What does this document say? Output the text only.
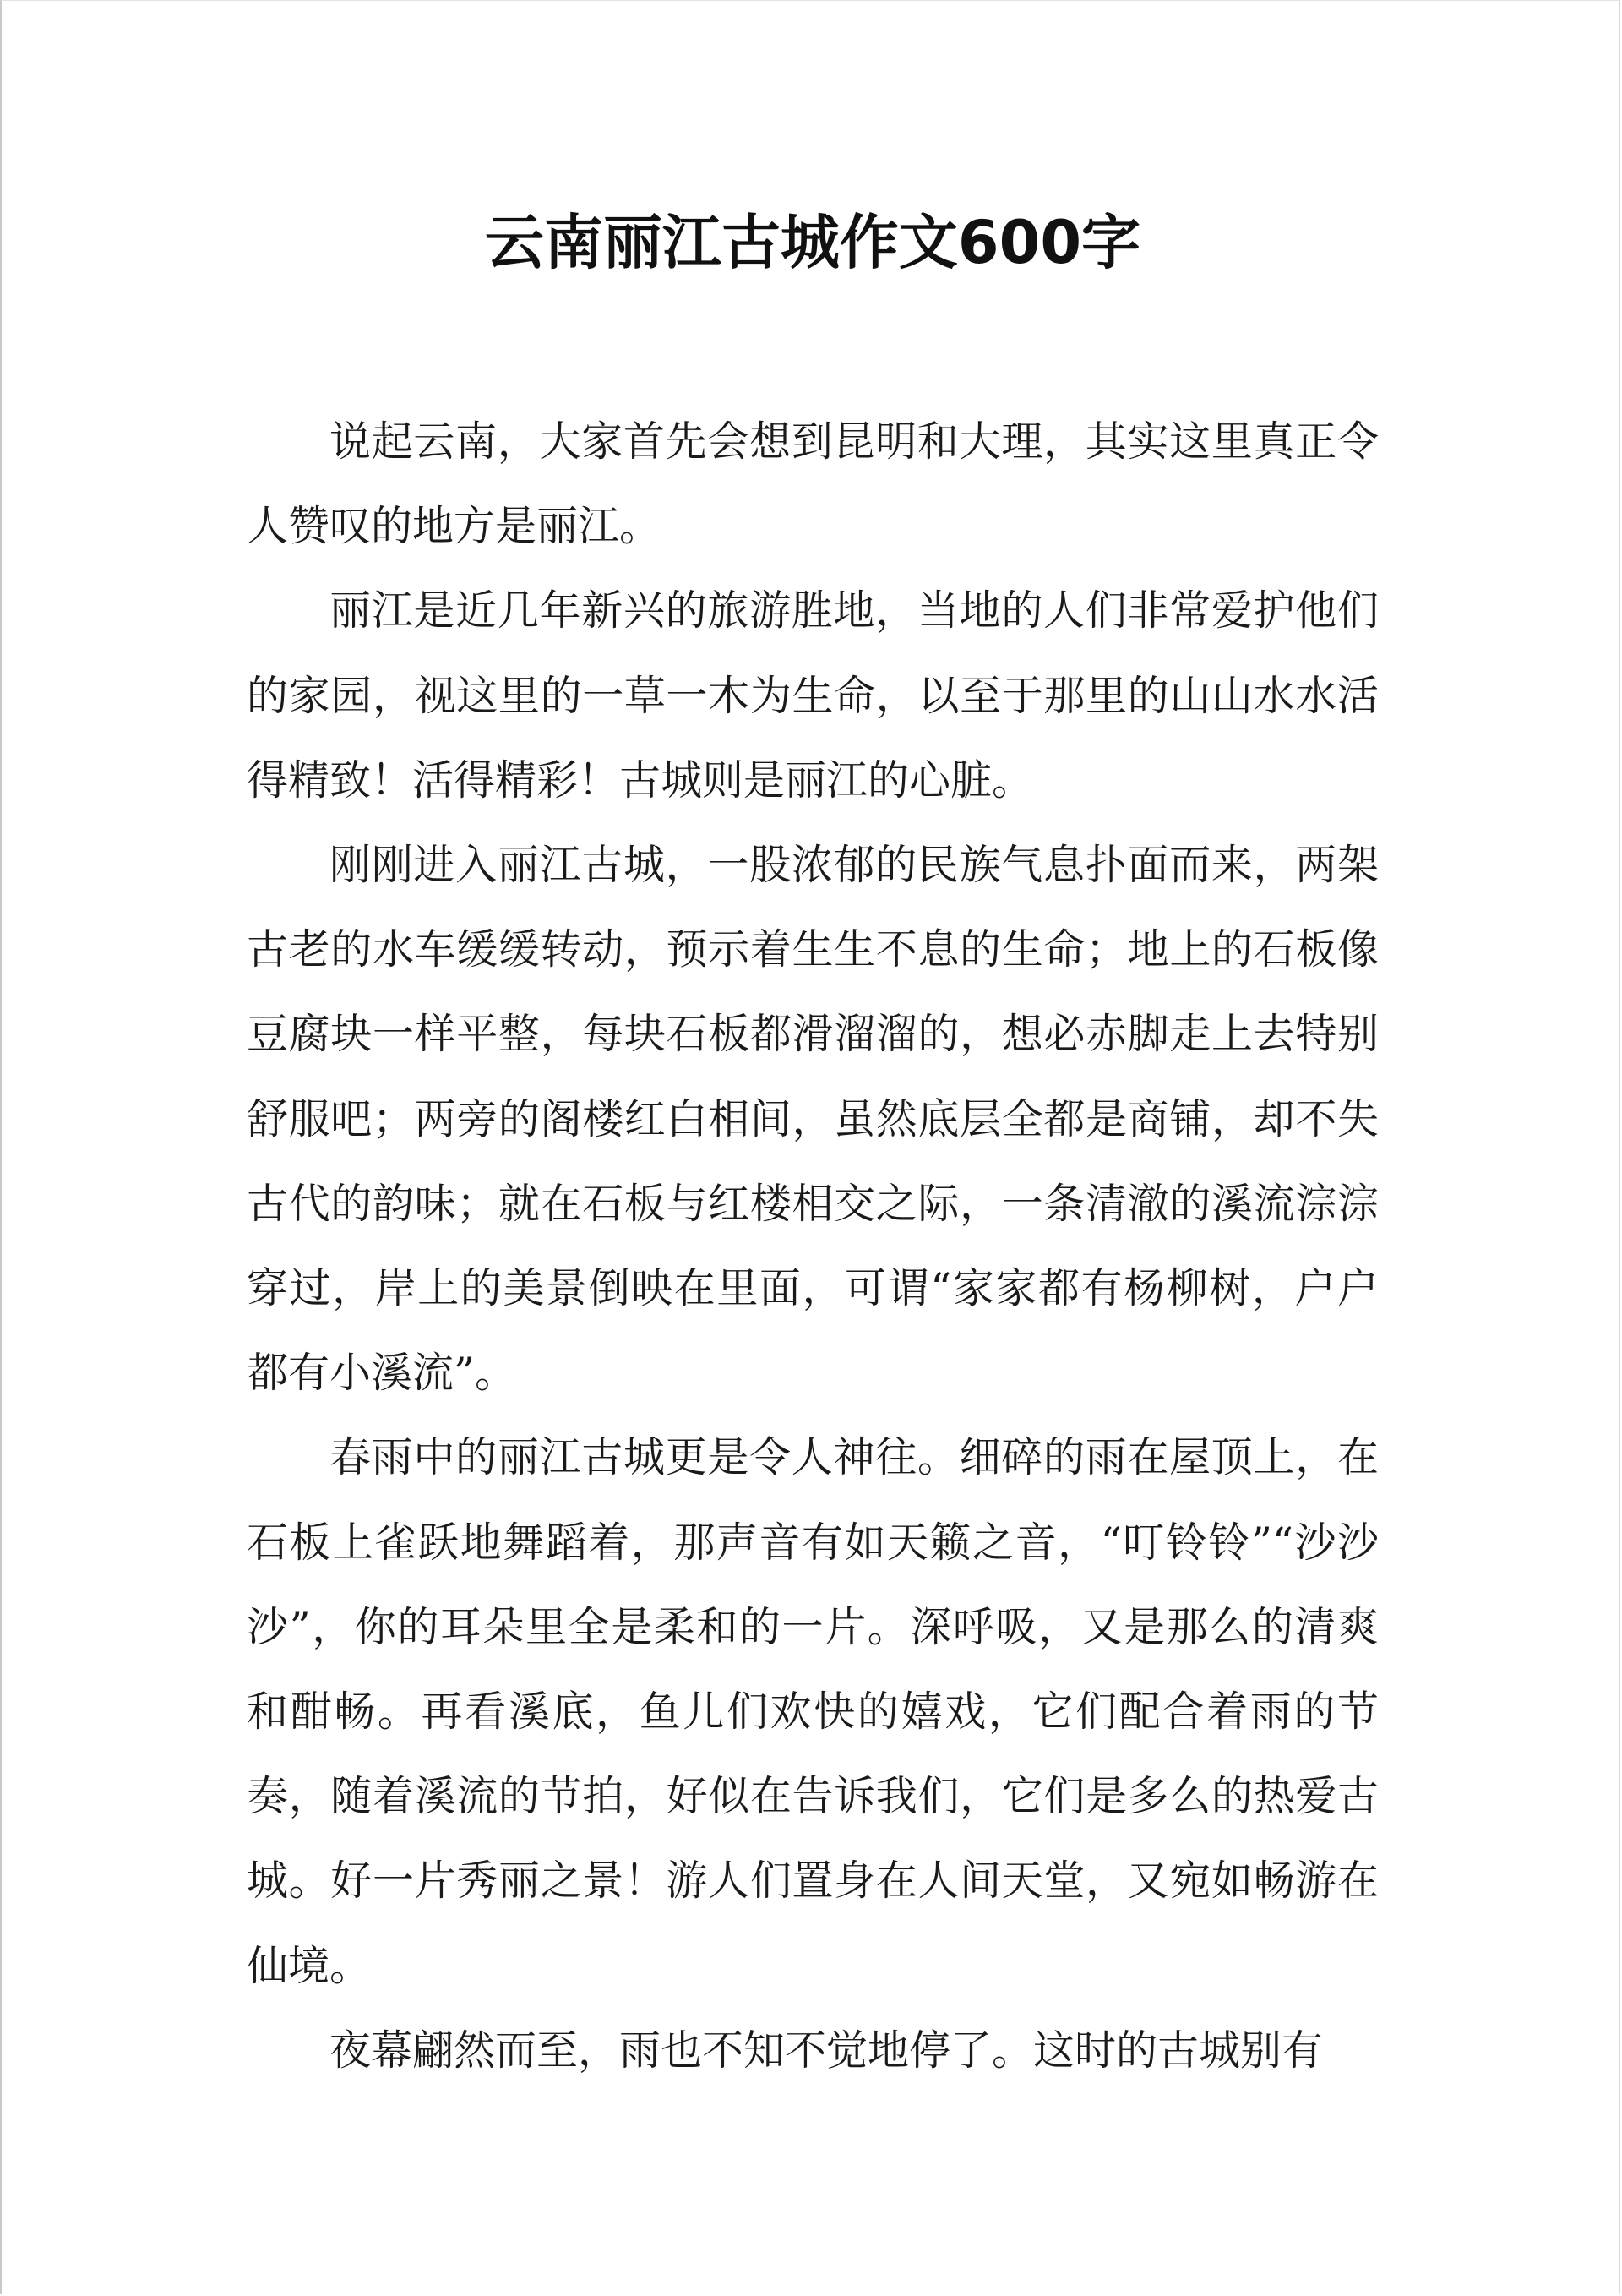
云南丽江古城作文600字

说起云南，大家首先会想到昆明和大理，其实这里真正令人赞叹的地方是丽江。

丽江是近几年新兴的旅游胜地，当地的人们非常爱护他们的家园，视这里的一草一木为生命，以至于那里的山山水水活得精致！活得精彩！古城则是丽江的心脏。

刚刚进入丽江古城，一股浓郁的民族气息扑面而来，两架古老的水车缓缓转动，预示着生生不息的生命；地上的石板像豆腐块一样平整，每块石板都滑溜溜的，想必赤脚走上去特别舒服吧；两旁的阁楼红白相间，虽然底层全都是商铺，却不失古代的韵味；就在石板与红楼相交之际，一条清澈的溪流淙淙穿过，岸上的美景倒映在里面，可谓“家家都有杨柳树，户户都有小溪流”。

春雨中的丽江古城更是令人神往。细碎的雨在屋顶上，在石板上雀跃地舞蹈着，那声音有如天籁之音，“叮铃铃”“沙沙沙”，你的耳朵里全是柔和的一片。深呼吸，又是那么的清爽和酣畅。再看溪底，鱼儿们欢快的嬉戏，它们配合着雨的节奏，随着溪流的节拍，好似在告诉我们，它们是多么的热爱古城。好一片秀丽之景！游人们置身在人间天堂，又宛如畅游在仙境。

夜幕翩然而至，雨也不知不觉地停了。这时的古城别有
